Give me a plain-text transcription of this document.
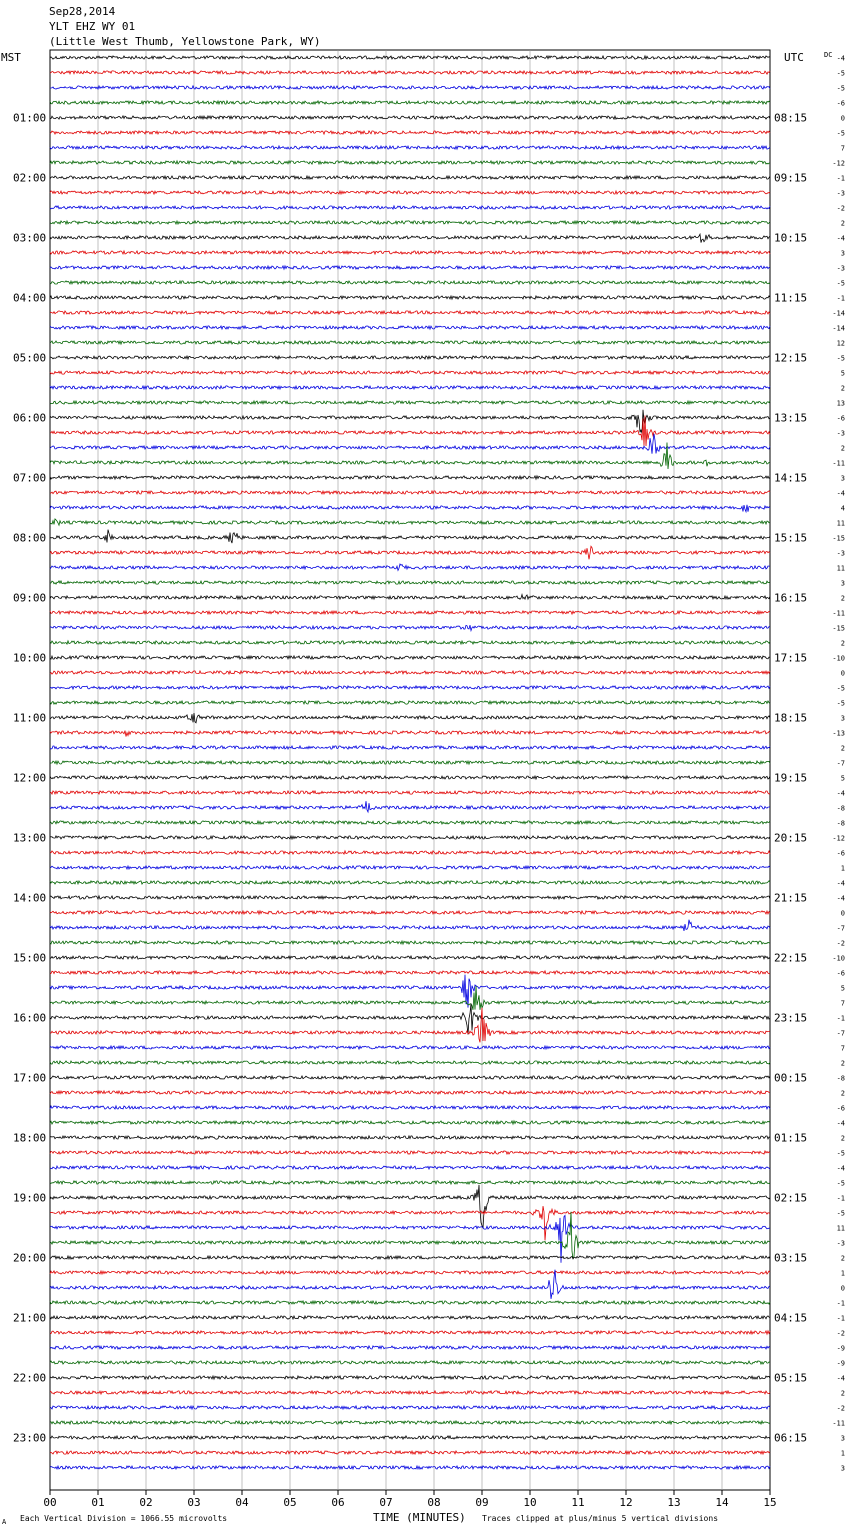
Sep28,2014
YLT EHZ WY 01
(Little West Thumb, Yellowstone Park, WY)
01:00
02:00
03:00
04:00
05:00
06:00
07:00
08:00
09:00
10:00
11:00
12:00
13:00
14:00
15:00
16:00
17:00
18:00
19:00
20:00
21:00
22:00
23:00
08:15
09:15
10:15
11:15
12:15
13:15
14:15
15:15
16:15
17:15
18:15
19:15
20:15
21:15
22:15
23:15
00:15
01:15
02:15
03:15
04:15
05:15
06:15
-4
-5
-5
-6
0
-5
7
-12
-1
-3
-2
2
-4
3
-3
-5
-1
-14
-14
12
-5
5
2
13
-6
-3
2
-11
3
-4
4
11
-15
-3
11
3
2
-11
-15
2
-10
0
-5
-5
3
-13
2
-7
5
-4
-8
-8
-12
-6
1
-4
-4
0
-7
-2
-10
-6
5
7
-1
-7
7
2
-8
2
-6
-4
2
-5
-4
-5
-1
-5
11
-3
2
1
0
-1
-1
-2
-9
-9
-4
2
-2
-11
3
1
3
00	01	02	03	04	05	06	07	08	09	10	11	12	13	14	15
MST	UTC	DC
A Each Vertical Division = 1066.55 microvolts	TIME (MINUTES) Traces clipped at plus/minus 5 vertical divisions
